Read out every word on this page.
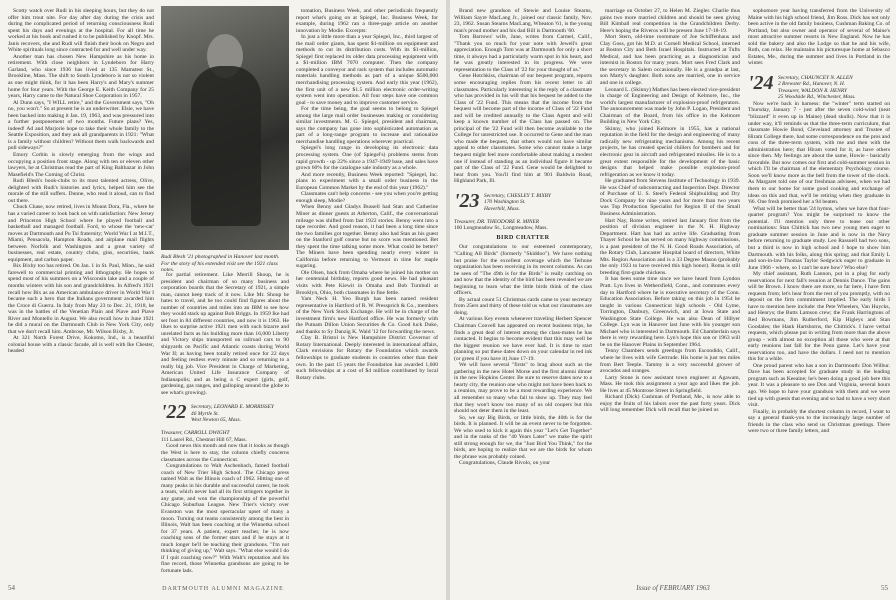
Scotty watch over Rudi in his sleeping hours, but they do not offer him trout nite. For day after day during the crisis and during the complicated period of returning consciousness Rudi spent his days and evenings at the hospital. For all time he worked at his book and rushed it to be published by Knopf. Mrs. Janis recovers, she and Rudi will finish their book on Negro and White spirituals long since contracted for and well under way.

Another man has chosen New Hampshire as his home in retirement. With close neighbors in Lyndeboro for Harry Garland, who since 1936 has lived at 135 Mamstest St., Brookline, Mass. The shift to South Lyndeboro is not so violent as one might think, for it has been Harry's and Mary's summer home for four years. With the George E. Keith Company for 25 years, Harry came to the Natural Shoe Corporation in 1957.

Al Dunn says, "I WILL retire," and the Government says, "Oh no, you won't." So at present he is an underwriter. Elsie, we have been backed into making it Jan. 19, 1963, and was pressured into a further postponement of two months. Future plans? Yes, indeed! Ad and Marjorie hope to take their whole family to the Seattle Exposition, and they ask all grandparents in 1921: "What is a family without children? Without them walk backwards and pull sideways?"

Emory Corbin is slowly emerging from the wings and occupying a position front stage. Along with ten or eleven other lawyers, he at Christmas read the part of King Balthazar in John Masefield's The Coming of Christ.

Rudi Blesh's book-clubs to its most talented actress, Olive, delighted with Rudi's histories and lyrics, helped him see the morale of the still suffers. Dunne, who read it aloud, can to find out there.

Chuck Chase, now retired, lives in Mount Dora, Fla., where he has a varied career to look back on with satisfaction: New Jersey and Princeton High School where he played football and basketball and managed football. Ford, to whose the 'new-car' moves at Dartmouth and Pu Tsi fraternity; World War I at M.I.T., Miami, Pensacola, Hampton Roads, and airplane mail flights between Norfolk and Washington and a great variety of businesses, real estate, country clubs, gins, securities, bank equipment, and carbon paper.

Bix Bixby too has retired. On Jan. 1 in St. Paul, Minn., he said farewell to commercial printing and lithography. He hopes to spend most of his summers on a Wisconsin lake and a couple of months winters with his son and grandchildren. In Alfred's 1921 recall how Bix as an American ambulance driver in World War I became such a hero that the Italians government awarded him the Croce di Guerra. In Italy from May 23 to Dec. 21, 1918, he was in the battles of the Venetian Plain and Piave and Piave River and Montello in August. We also recall how in June 1921 he did a mural on the Dartmouth Club in New York City, only that we don't recall him. Ambrose, Mr. Wilson Bixby, Jr.

At 321 North Forest Drive, Kokomo, Ind., is a beautiful colonial house with a classic facade, all is well with Ike Chester, headed

Rudi Blesh '21 photographed in Hanover last month. For the story of his extended visit see the 1921 class notes.

for partial retirement. Like Merrill Shoup, he is president and chairman of so many business and corporation boards that the Secretary of 1921, a simple man, cannot keep track of it now. Like Mr. Shoup he hates to travel, and he too could find figures about the number of countries and miles into an IBM to see how they would stack up against Bob Briggs. In 1959 Ike had set foot in 84 different countries, and now it is 1963. He likes to surprise active 1921 men with such bizarre and unrelated facts as his building more than 16,000 Liberty and Victory ships transported on railroad cars to 90 shipyards on Pacific and Atlantic coasts during World War II; as having been totally retired once for 22 days and feeling restless every minute and so returning to a really big job. Vice President in Charge of Marketing, American United Life Insurance Company of Indianapolis; and as being a C expert (girls, golf, gardening, gas ranges, and galloping around the globe to see what's growing).

'22 Secretary, LEONARD E. MORRISSEY
46 Myrtle St.
West Newton 65, Mass.
Treasurer, CARROLL DWIGHT
111 Laurel Rd., Chestnut Hill 67, Mass.

Good news this month and now that it looks as though the West is here to stay, the column chiefly concerns classmates across the Connecticut.

Congratulations to Walt Aschenbach, famed football coach of New Trier High School. The Chicago press named Walt as the Illinois coach of 1962. Hitting one of many peaks in his durable and successful career, he took a team, which never had all its first stringers together in any game, and won the championship of the powerful Chicago Suburban League. New Trier's victory over Evanston was the most spectacular upset of many a moon. Turning out teams consistently among the best in Illinois, Walt has been coaching at the Winnetka school for 37 years. A patient, expert teacher, he is now coaching sons of the former stars and if he stays at it much longer he'll be teaching their grandsons. "I'm not thinking of giving up," Walt says. "What else would I do if I quit coaching now?" With Walt's reputation and his fine record, those Winnetka grandsons are going to be fortunate lads.

tomation, Business Week, and other periodicals frequently report what's going on at Spiegel, Inc. Business Week, for example, during 1962 ran a three-page article on another innovation by Modie. Excerpts:

In just a little more than a year Spiegel, Inc., third largest of the mail order giants, has spent $1-million on equipment and methods to cut its distribution costs. With its $1-million, Spiegel first replaced its older data processing equipment with a $1-million IBM 7070 computer. Then the company completed a conveyor and rack system that includes automatic materials handling methods as part of a unique $500,000 merchandising processing system. And early this year (1962), the first unit of a new $1.5 million electronic order-writing system went into operation. All four steps have one common goal - to save money and to improve customer service.

For the time being, the goal seems to belong to Spiegel among the large mail order businesses making or considering similar investments. M. G. Spiegel, president and chairman, says the company has gone into sophisticated automation as part of a long-range program to increase and rationalize merchandise handling operations wherever practical.

Spiegel's long range in developing its electronic data processing system. One (of Spiegel's) problems stems from rapid growth - up 22% since a 1947-1949 base, and sales have grown 60% for the catalogue sale industry as a whole.

And more recently, Business Week reported: "Spiegel, Inc. plans to experiment with a small order business in the European Common Market by the end of this year (1962)."

Classmates can't help concerns - see you when you're getting enough sleep, Modie?

When Benny and Gladys Bussell had Stan and Catherine Miner as dinner guests at Atherton, Calif., the conversational mileage was shifted from fast 1922 stories. Benny went into a tape recorder. And good reason, it had been a long time since the two families got together. Benny also had Stan as his guest on the Stanford golf course but no score was mentioned. Bet they spent the time talking some more. What could be better? The Miners have been spending nearly every winter in California before returning to Vermont in time for maple sugaring.

Ole Olsen, back from Omaha where he joined his mother on her centennial birthday, reports good news. He had pleasant visits with Pete Kiewit in Omaha and Bob Turnbull at Brooklyn, Ohio, both classmates in fine fettle.

Yam Neck H. Yeo Burgh has been named resident representative in Hartford of R. W. Pressprich & Co., members of the New York Stock Exchange. He will be in charge of the investment firm's new Hartford office. He was formerly with the Putnam Dillon Union Securities & Co. Good luck Duke, and thanks to Sy Danzig K. Wald '12 for forwarding the news.

Clay B. Bristol is New Hampshire District Governor of Rotary International. Deeply interested in international affairs, Clark envisions for Rotary the Foundation which awards fellowships to graduate students in countries other than their own. In the past 15 years the Foundation has awarded 1,600 such fellowships at a cost of $4 million contributed by local Rotary clubs.

54	DARTMOUTH ALUMNI MAGAZINE

Brand new grandson of Stewie and Louise Stearns, William Sayre MacLang Jr., joined our classic family, Nov. 23, 1962. Susan Stearns MacLang, Wheaton '61, is the young man's proud mother and his dad Bill is Dartmouth '60.

Tom Barrows' wife, Jane, writes from Carmel, Calif., "Thank you so much for your note with Jewell's great appreciation. Enough Tom was at Dartmouth for only a short time, it always had a particularly warm spot in his heart, and he was greatly interested in its progress. We were representation to the Class of '22 for your thought of us."

Gene Hotchkiss, chairman of our bequest program, reports some encouraging replies from his recent letter to all classmates. Particularly interesting is the reply of a classmate who has provided in his will that his bequest be added to the Class of '22 Fund. This means that the income from the bequest will become part of the income of Class of '22 Fund and will be credited annually to the Class Agent and will keep a known number of the Class has passed on. The principal of the '22 Fund will then become available to the College for unrestricted use. It occurred to Gene and the man who made the bequest, that others would not have similar appeal to other classmates. Some who cannot make a large bequest might feel more comfortable about making a modest one if instead of standing as an individual figure it became part of the Class of '22 Fund. Gene would be delighted to hear from you. You'll find him at 901 Baldwin Road, Highland Park, Ill.

'23 Secretary, CHESLEY T. BIXBY
170 Washington St.
Haverhill, Mass.
Treasurer, DR. THEODORE R. MINER
160 Longmeadow St., Longmeadow, Mass.
BIRD CHATTER

Our congratulations to our esteemed contemporary, "Calling All Birds" (formerly "Skiddoo"). We have nothing but praise for the excellent coverage which the Terhune organization has been receiving in its recent columns. As can be seen of "The 49th is for the Birds" is really catching on and now that the identity of the bird has been revealed we are beginning to learn what the little birds think of the class officers.

By actual count 51 Christmas cards came to your secretary from 25ers and thirty of these told us what our classmates are doing.

At various Key events whenever traveling Herbert Spencer Chairman Convell has appeared on recent business trips, he finds a great deal of interest among the class-mates he has contacted. It begins to become evident that this may well be the biggest reunion we have ever had. It is time to start planning so put these dates down on your calendar in red ink (or green if you have it) June 17-19.

We will have several "firsts" to brag about such as the gathering in the new Hotel Morse and the first alumni dinner in the new Hopkins Center. Be sure to reserve dates now to a hearty city, the reunion one who might not have been back to a reunion, may prove to be a most rewarding experience. We all remember so many who fail to show up. They may feel that they won't know too many of us old coupers but this should not deter them in the least.

So, we say Big Birds, or little birds, the 40th is for the birds. It is planned. It will be an event never to be forgotten. We who used to kick it again this year "Let's Get Together" and in the ranks of the "40 Years Later" we make the spirit still strong enough for we, the "Just Bird You Think," for the birds, are hoping to realize that we are the birds for whom the phrase was probably coined.

Congratulations, Claude Rivolo, on your

marriage on October 27, to Helen M. Ziegler. Charlie thus gains two more married children and should be seen giving Bill Kimball real competition in the Grandchildren Derby. Here's hoping the Riveros will be present June 17-18-19.

Mort Stern, old-time roommate of Joe Schiffenhaus and Clay Goss, got his M.D. at Cornell Medical School, interned at Boston City and Beth Israel Hospitals. Instructed at Tufts Medical, and has been practicing as a diagnostician and internist in Boston for many years. Mort sees Fred Clark and the secretary in Salem occasionally. He is a grandpa at last, son Marty's daughter. Both sons are married, one in service and one in college.

Leonard L. (Skinny) Mathes has been elected vice-president in charge of Engineering and Design of Kelmore, Inc., the world's largest manufacturer of explosion-proof refrigerators. The announcement was made by John P. Logan, President and Chairman of the Board, from his office in the Kelmore Building in New York City.

Skinny, who joined Kelmore in 1955, has a national reputation in the field for the design and engineering of many radically new refrigerating mechanisms. Among his recent projects, he has created special chillers for bombers and for electronic gear in aircraft and refrigerated missiles. He is to a great extent responsible for the development of the basic designs that helped make possible explosion-proof refrigeration as we know it today.

He graduated from Stevens Institute of Technology in 1939. He was Chief of subcontracting and Inspection Dept. Director of Purchase of U. S. Steel's Federal Shipbuilding and Dry Dock Company for nine years and for more than two years was Top Production Specialist for Region II of the Small Business Administration.

Hart Nay, Rome writes, retired last January first from the position of division engineer in the N. H. Highway Department. Hart has had an active life. Graduating from Thayer School he has served on many highway commissions, is a past president of the N. H. Good Roads Association, of the Rotary Club, Lancaster Hospital board of directors, White Mts. Region Association and is a 33 Degree Mason (probably the only 1923 to have received this high honor). Roma is still breeding first-grade chickens.

It has been some time since we have heard from Lyndon Pratt. Lyn lives in Wethersfield, Conn., and commutes every day to Hartford where he is executive secretary of the Conn. Education Association. Before taking on this job in 1954 he taught in various Connecticut high schools - Old Lyme, Torrington, Danbury, Greenwich, and at Iowa State and Washington State College. He was also Dean of Hillyer College. Lyn was in Hanover last June with his younger son Michael who is interested in Dartmouth. Ed Chamberlain says there is very rewarding here. Lyn's hope this son or 1963 will be on the Hanover Plains in September 1964.

Tenny Chambers sends greetings from Escondido, Calif., where he lives with wife Gertrude. His home is just ten miles from Bert Teeple. Tammy is a very successful grower of avocados and oranges.

Larry Stone is now assistant town engineer at Agawam, Mass. He took this assignment a year ago and likes the job. He lives at 45 Montrose Street in Springfield.

Richard (Dick) Cushman of Portland, Me., is now able to enjoy the fruits of his labors over the past forty years. Dick will long remember Dick will recall that he joined us

sophomore year having transferred from the University of Maine with his high school friend, Jim Ross. Dick has not only been active in the old family business, Cushman Baking Co. of Portland, but also owner and operator of several of Maine's most attractive summer resorts in New England. Now he has sold the bakery and also the Lodge so that he and his wife, Ruth, can relax. He maintains his picturesque home at Sebasco Estates, Me., during the summer and lives in Portland in the winter.

'24 Secretary, CHAUNCEY N. ALLEN
2 Brewster Rd., Hanover, N. H.
Treasurer, WALDON R. HENRY
25 Woodside Rd., Winchester, Mass.

Now we're back in harness: the "winter" term started on Thursday, January 7 - just after the seven cold-wind (neat "blizzard" it even up in Maine) (dead skulls). Now that it is under way, it'll reminds us that the three-term curriculum, that classmate Howie Bond, Cleveland attorney and Trustee of Hiram College there, had some correspondence on the pros and cons of the three-term system, with me and then with the administration here; that Hiram voted for it, as have others since then. My feelings are about the same, Howie - basically favorable. But now comes our first and cold-summer session in which I'll be chairman of the elementary Psychology course. Soon we'll know more as the bell from the tower of the clock. As Margaret told one of our freshman advisees, when we had them to our home for some good cooking and exchange of ideas on this and that, we'll be retiring when they graduate in '66. One fresh promised her a 94 beaten.

What will be better than '24 hymns, when we have that four-quarter program? You might be surprised to know the potential. I'll mention only three to tease our other nominations: Stan Chittick has two new young men eager to graduate summer session in June and is now in the Navy before returning to graduate study. Leo Rassuell had two sons, but a third is now in high school and I hope to show him Dartmouth. with his folks, along this spring; and that Emily L and son-in-law Thomas Taylor Sedgwick eager to graduate in June 1966 - where, so I can't be sure how? Who else?

My chief assistant, Ruth Lannon, put in a plug for early reservations for next fall's reunion at Dennis Dance. The gains will be Brown. I know there are more, so far here, I have firm requests from; let's hear from the rest of you promptly, with no deposit on the firm commitment implied. The early birds I have to mention here include: the Pete Wheelers, Van Huycks, and Henrys; the Butts Lamson crew; the Frank Harringtons of Red Bowmans, Jim Rutherford, Kip Higleys and Stan Goodales; the Hank Hartshorns, the Chittick's. I have verbal requests, which please put in writing from more than the above group - with almost no exception all those who were at that early reunions last fall for the Penn game. Let's have your reservations too, and have the dollars. I need not to mention this for a while.

One proud parent who has a son in Dartmouth: Don Wilbur. Dave has been accepted for graduate study in the leading program such as Keeaine; he's been doing a good job here this year. It was a pleasure to see Don and Virginia, several hours ago. We hope to have your grandson with them and we were tied up with guests that evening and so had to have a very short visit.

Finally, in probably the shortest column in record, I want to say a general thank-you to the increasingly large number of friends in the class who send us Christmas greetings. There were two or three family letters, and

Issue of FEBRUARY 1963	55
